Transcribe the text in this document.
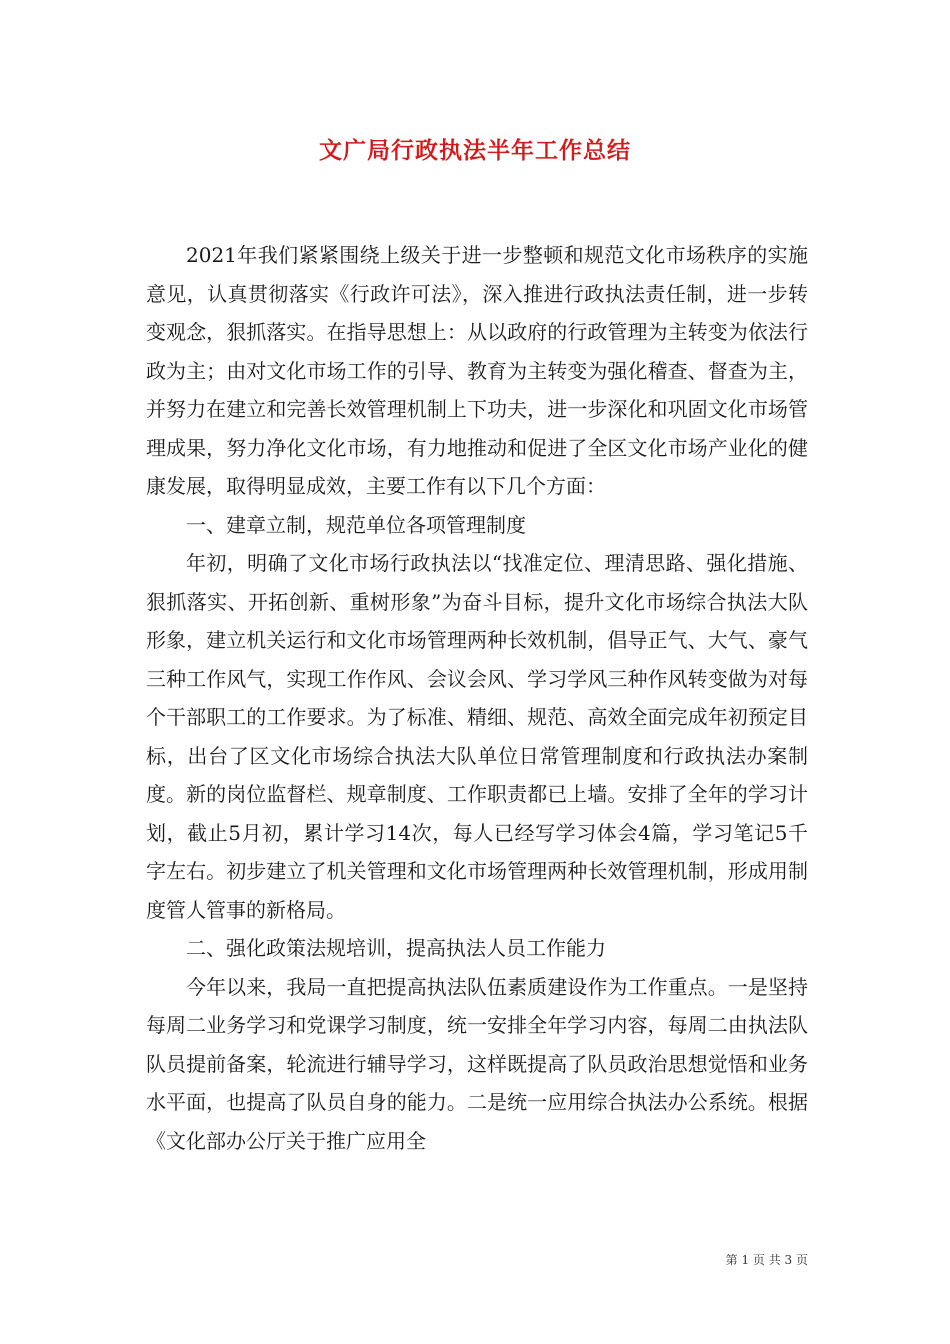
文广局行政执法半年工作总结

2021年我们紧紧围绕上级关于进一步整顿和规范文化市场秩序的实施意见，认真贯彻落实《行政许可法》，深入推进行政执法责任制，进一步转变观念，狠抓落实。在指导思想上：从以政府的行政管理为主转变为依法行政为主；由对文化市场工作的引导、教育为主转变为强化稽查、督查为主，并努力在建立和完善长效管理机制上下功夫，进一步深化和巩固文化市场管理成果，努力净化文化市场，有力地推动和促进了全区文化市场产业化的健康发展，取得明显成效，主要工作有以下几个方面：

一、建章立制，规范单位各项管理制度

年初，明确了文化市场行政执法以“找准定位、理清思路、强化措施、狠抓落实、开拓创新、重树形象”为奋斗目标，提升文化市场综合执法大队形象，建立机关运行和文化市场管理两种长效机制，倡导正气、大气、豪气三种工作风气，实现工作作风、会议会风、学习学风三种作风转变做为对每个干部职工的工作要求。为了标准、精细、规范、高效全面完成年初预定目标，出台了区文化市场综合执法大队单位日常管理制度和行政执法办案制度。新的岗位监督栏、规章制度、工作职责都已上墙。安排了全年的学习计划，截止5月初，累计学习14次，每人已经写学习体会4篇，学习笔记5千字左右。初步建立了机关管理和文化市场管理两种长效管理机制，形成用制度管人管事的新格局。

二、强化政策法规培训，提高执法人员工作能力

今年以来，我局一直把提高执法队伍素质建设作为工作重点。一是坚持每周二业务学习和党课学习制度，统一安排全年学习内容，每周二由执法队队员提前备案，轮流进行辅导学习，这样既提高了队员政治思想觉悟和业务水平面，也提高了队员自身的能力。二是统一应用综合执法办公系统。根据《文化部办公厅关于推广应用全

第 1 页 共 3 页
